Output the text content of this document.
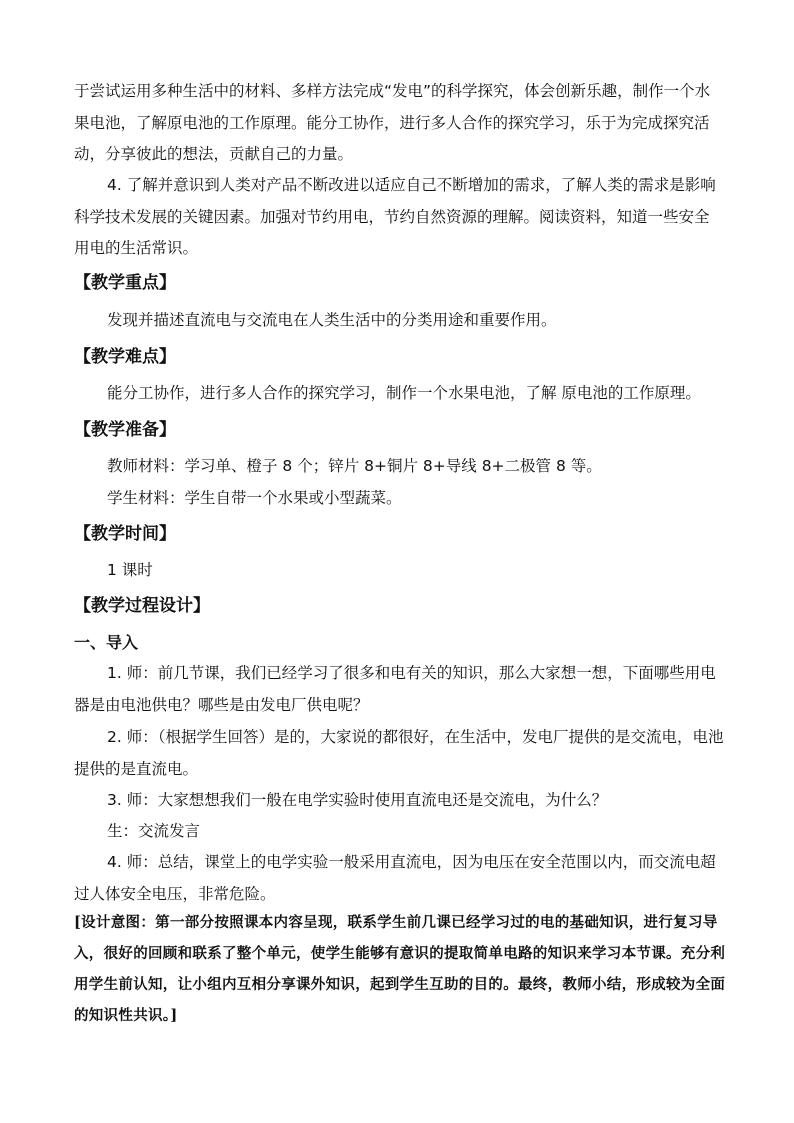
于尝试运用多种生活中的材料、多样方法完成“发电”的科学探究，体会创新乐趣，制作一个水果电池，了解原电池的工作原理。能分工协作，进行多人合作的探究学习，乐于为完成探究活动，分享彼此的想法，贡献自己的力量。

4. 了解并意识到人类对产品不断改进以适应自己不断增加的需求，了解人类的需求是影响科学技术发展的关键因素。加强对节约用电，节约自然资源的理解。阅读资料，知道一些安全 用电的生活常识。

【教学重点】

发现并描述直流电与交流电在人类生活中的分类用途和重要作用。

【教学难点】

能分工协作，进行多人合作的探究学习，制作一个水果电池，了解 原电池的工作原理。

【教学准备】

教师材料：学习单、橙子 8 个；锌片 8+铜片 8+导线 8+二极管 8 等。

学生材料：学生自带一个水果或小型蔬菜。

【教学时间】

1 课时

【教学过程设计】

一、导入

1. 师：前几节课，我们已经学习了很多和电有关的知识，那么大家想一想，下面哪些用电器是由电池供电？哪些是由发电厂供电呢？

2. 师：（根据学生回答）是的，大家说的都很好，在生活中，发电厂提供的是交流电，电池提供的是直流电。

3. 师：大家想想我们一般在电学实验时使用直流电还是交流电，为什么？

生：交流发言

4. 师：总结，课堂上的电学实验一般采用直流电，因为电压在安全范围以内，而交流电超过人体安全电压，非常危险。

[设计意图：第一部分按照课本内容呈现，联系学生前几课已经学习过的电的基础知识，进行复习导入，很好的回顾和联系了整个单元，使学生能够有意识的提取简单电路的知识来学习本节课。充分利用学生前认知，让小组内互相分享课外知识，起到学生互助的目的。最终，教师小结，形成较为全面的知识性共识。]
